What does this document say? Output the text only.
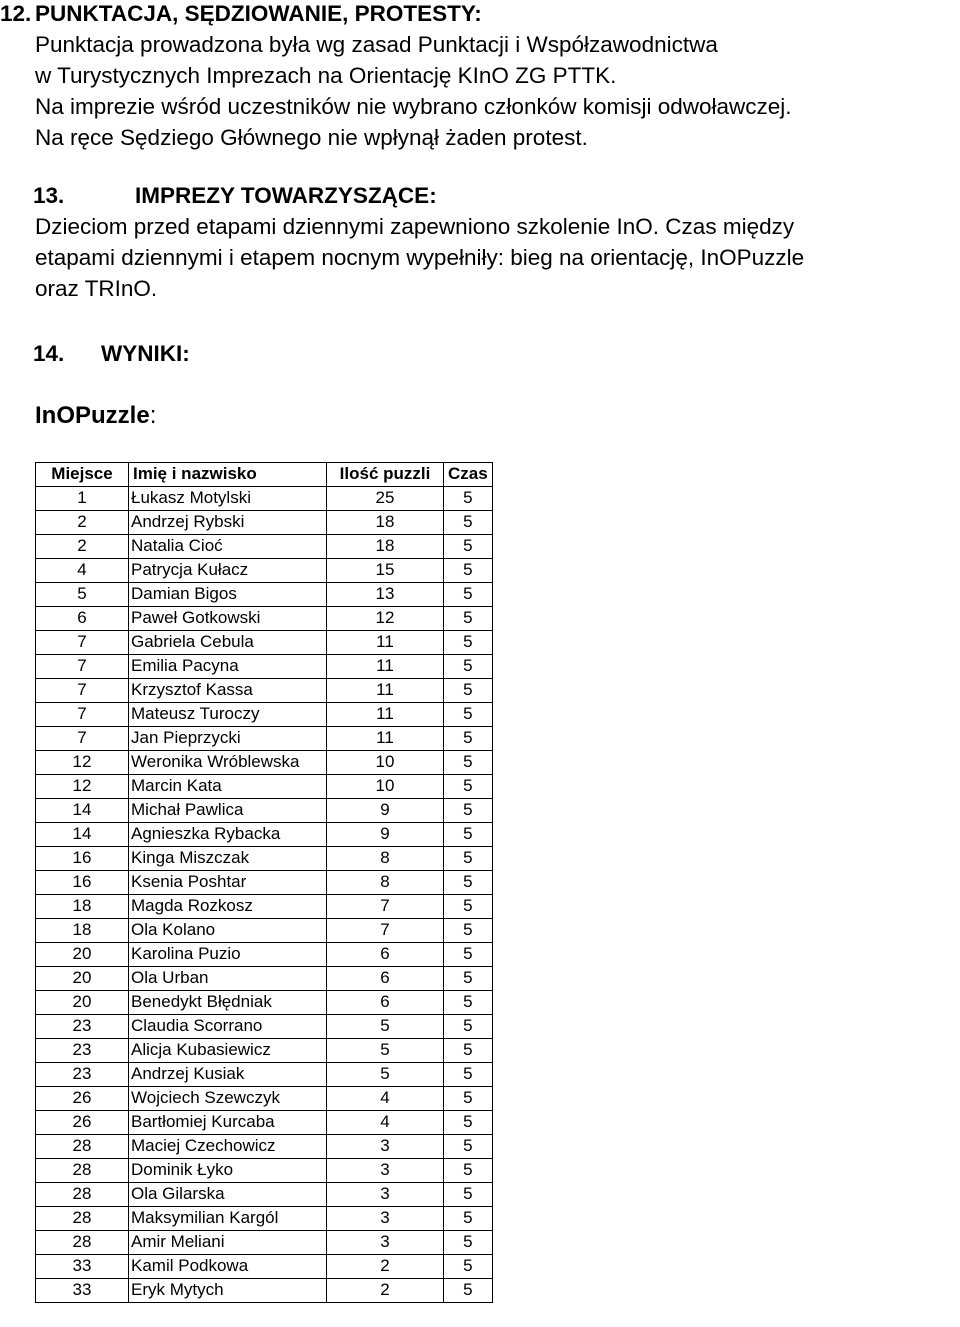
12. PUNKTACJA, SĘDZIOWANIE, PROTESTY:
Punktacja prowadzona była wg zasad Punktacji i Współzawodnictwa
w Turystycznych Imprezach na Orientację KInO ZG PTTK.
Na imprezie wśród uczestników nie wybrano członków komisji odwoławczej.
Na ręce Sędziego Głównego nie wpłynął żaden protest.
13.	IMPREZY TOWARZYSZĄCE:
Dzieciom przed etapami dziennymi zapewniono szkolenie InO. Czas między
etapami dziennymi i etapem nocnym wypełniły: bieg na orientację, InOPuzzle
oraz TRInO.
14. WYNIKI:
InOPuzzle:
Miejsce	Imię i nazwisko	Ilość puzzli	Czas
1	Łukasz Motylski	25	5
2	Andrzej Rybski	18	5
2	Natalia Cioć	18	5
4	Patrycja Kułacz	15	5
5	Damian Bigos	13	5
6	Paweł Gotkowski	12	5
7	Gabriela Cebula	11	5
7	Emilia Pacyna	11	5
7	Krzysztof Kassa	11	5
7	Mateusz Turoczy	11	5
7	Jan Pieprzycki	11	5
12	Weronika Wróblewska	10	5
12	Marcin Kata	10	5
14	Michał Pawlica	9	5
14	Agnieszka Rybacka	9	5
16	Kinga Miszczak	8	5
16	Ksenia Poshtar	8	5
18	Magda Rozkosz	7	5
18	Ola Kolano	7	5
20	Karolina Puzio	6	5
20	Ola Urban	6	5
20	Benedykt Błędniak	6	5
23	Claudia Scorrano	5	5
23	Alicja Kubasiewicz	5	5
23	Andrzej Kusiak	5	5
26	Wojciech Szewczyk	4	5
26	Bartłomiej Kurcaba	4	5
28	Maciej Czechowicz	3	5
28	Dominik Łyko	3	5
28	Ola Gilarska	3	5
28	Maksymilian Kargól	3	5
28	Amir Meliani	3	5
33	Kamil Podkowa	2	5
33	Eryk Mytych	2	5
